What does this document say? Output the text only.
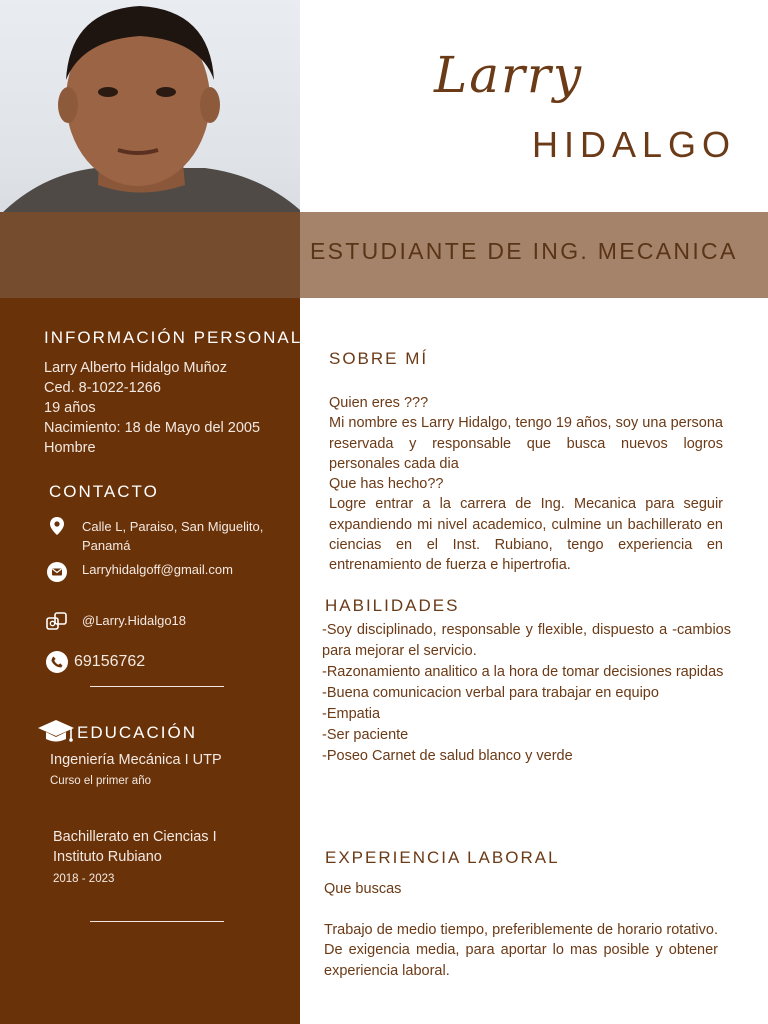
ESTUDIANTE DE ING. MECANICA
Larry
HIDALGO
INFORMACIÓN PERSONAL
Larry Alberto Hidalgo Muñoz
Ced. 8-1022-1266
19 años
Nacimiento: 18 de Mayo del 2005
Hombre
CONTACTO
Calle L, Paraiso, San Miguelito, Panamá
Larryhidalgoff@gmail.com
@Larry.Hidalgo18
69156762
EDUCACIÓN
Ingeniería Mecánica I UTP
Curso el primer año
Bachillerato en Ciencias I Instituto Rubiano
2018 - 2023
SOBRE MÍ
Quien eres ???
Mi nombre es Larry Hidalgo, tengo 19 años, soy una persona reservada y responsable que busca nuevos logros personales cada dia
Que has hecho??
Logre entrar a la carrera de Ing. Mecanica para seguir expandiendo mi nivel academico, culmine un bachillerato en ciencias en el Inst. Rubiano, tengo experiencia en entrenamiento de fuerza e hipertrofia.
HABILIDADES
-Soy disciplinado, responsable y flexible, dispuesto a -cambios para mejorar el servicio.
-Razonamiento analitico a la hora de tomar decisiones rapidas
-Buena comunicacion verbal para trabajar en equipo
-Empatia
-Ser paciente
-Poseo Carnet de salud blanco y verde
EXPERIENCIA LABORAL
Que buscas
Trabajo de medio tiempo, preferiblemente de horario rotativo. De exigencia media, para aportar lo mas posible y obtener experiencia laboral.
